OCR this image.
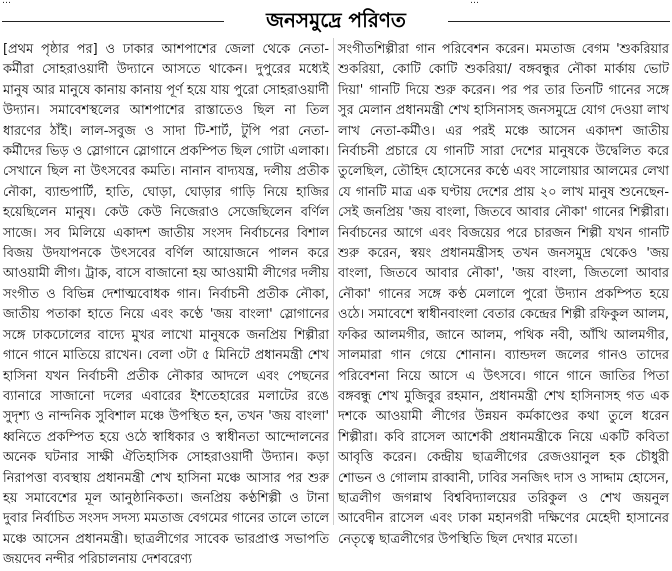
…	…
জনসমুদ্রে পরিণত

[প্রথম পৃষ্ঠার পর] ও ঢাকার আশপাশের জেলা থেকে নেতা-কর্মীরা সোহরাওয়ার্দী উদ্যানে আসতে থাকেন। দুপুরের মধ্যেই মানুষ আর মানুষে কানায় কানায় পূর্ণ হয়ে যায় পুরো সোহরাওয়ার্দী উদ্যান। সমাবেশস্থলের আশপাশের রাস্তাতেও ছিল না তিল ধারণের ঠাঁই। লাল-সবুজ ও সাদা টি-শার্ট, টুপি পরা নেতা-কর্মীদের ভিড় ও স্লোগানে স্লোগানে প্রকম্পিত ছিল গোটা এলাকা। সেখানে ছিল না উৎসবের কমতি। নানান বাদ্যযন্ত্র, দলীয় প্রতীক নৌকা, ব্যান্ডপার্টি, হাতি, ঘোড়া, ঘোড়ার গাড়ি নিয়ে হাজির হয়েছিলেন মানুষ। কেউ কেউ নিজেরাও সেজেছিলেন বর্ণিল সাজে। সব মিলিয়ে একাদশ জাতীয় সংসদ নির্বাচনের বিশাল বিজয় উদযাপনকে উৎসবের বর্ণিল আয়োজনে পালন করে আওয়ামী লীগ। ট্রাক, বাসে বাজানো হয় আওয়ামী লীগের দলীয় সংগীত ও বিভিন্ন দেশাত্মবোধক গান। নির্বাচনী প্রতীক নৌকা, জাতীয় পতাকা হাতে নিয়ে এবং কণ্ঠে 'জয় বাংলা' স্লোগানের সঙ্গে ঢাকঢোলের বাদ্যে মুখর লাখো মানুষকে জনপ্রিয় শিল্পীরা গানে গানে মাতিয়ে রাখেন। বেলা ৩টা ৫ মিনিটে প্রধানমন্ত্রী শেখ হাসিনা যখন নির্বাচনী প্রতীক নৌকার আদলে এবং পেছনের ব্যানারে সাজানো দলের এবারের ইশতেহারের মলাটের রঙে সুদৃশ্য ও নান্দনিক সুবিশাল মঞ্চে উপস্থিত হন, তখন 'জয় বাংলা' ধ্বনিতে প্রকম্পিত হয়ে ওঠে স্বাধিকার ও স্বাধীনতা আন্দোলনের অনেক ঘটনার সাক্ষী ঐতিহাসিক সোহরাওয়ার্দী উদ্যান। কড়া নিরাপত্তা ব্যবস্থায় প্রধানমন্ত্রী শেখ হাসিনা মঞ্চে আসার পর শুরু হয় সমাবেশের মূল আনুষ্ঠানিকতা। জনপ্রিয় কণ্ঠশিল্পী ও টানা দুবার নির্বাচিত সংসদ সদস্য মমতাজ বেগমের গানের তালে তালে মঞ্চে আসেন প্রধানমন্ত্রী। ছাত্রলীগের সাবেক ভারপ্রাপ্ত সভাপতি জয়দেব নন্দীর পরিচালনায় দেশবরেণ্য

সংগীতশিল্পীরা গান পরিবেশন করেন। মমতাজ বেগম 'শুকরিয়ার শুকরিয়া, কোটি কোটি শুকরিয়া/ বঙ্গবন্ধুর নৌকা মার্কায় ভোট দিয়া' গানটি দিয়ে শুরু করেন। পর পর তার তিনটি গানের সঙ্গে সুর মেলান প্রধানমন্ত্রী শেখ হাসিনাসহ জনসমুদ্রে যোগ দেওয়া লাখ লাখ নেতা-কর্মীও। এর পরই মঞ্চে আসেন একাদশ জাতীয় নির্বাচনী প্রচারে যে গানটি সারা দেশের মানুষকে উদ্বেলিত করে তুলেছিল, তৌহিদ হোসেনের কণ্ঠে এবং সালোয়ার আলমের লেখা যে গানটি মাত্র এক ঘণ্টায় দেশের প্রায় ২০ লাখ মানুষ শুনেছেন- সেই জনপ্রিয় 'জয় বাংলা, জিতবে আবার নৌকা' গানের শিল্পীরা। নির্বাচনের আগে এবং বিজয়ের পরে চারজন শিল্পী যখন গানটি শুরু করেন, স্বয়ং প্রধানমন্ত্রীসহ তখন জনসমুদ্র থেকেও 'জয় বাংলা, জিতবে আবার নৌকা', 'জয় বাংলা, জিতলো আবার নৌকা' গানের সঙ্গে কণ্ঠ মেলালে পুরো উদ্যান প্রকম্পিত হয়ে ওঠে। সমাবেশে স্বাধীনবাংলা বেতার কেন্দ্রের শিল্পী রফিকুল আলম, ফকির আলমগীর, জানে আলম, পথিক নবী, আঁখি আলমগীর, সালমারা গান গেয়ে শোনান। ব্যান্ডদল জলের গানও তাদের পরিবেশনা নিয়ে আসে এ উৎসবে। গানে গানে জাতির পিতা বঙ্গবন্ধু শেখ মুজিবুর রহমান, প্রধানমন্ত্রী শেখ হাসিনাসহ গত এক দশকে আওয়ামী লীগের উন্নয়ন কর্মকাণ্ডের কথা তুলে ধরেন শিল্পীরা। কবি রাসেল আশেকী প্রধানমন্ত্রীকে নিয়ে একটি কবিতা আবৃত্তি করেন। কেন্দ্রীয় ছাত্রলীগের রেজওয়ানুল হক চৌধুরী শোভন ও গোলাম রাব্বানী, ঢাবির সনজিৎ দাস ও সাদ্দাম হোসেন, ছাত্রলীগ জগন্নাথ বিশ্ববিদ্যালয়ের তরিকুল ও শেখ জয়নুল আবেদীন রাসেল এবং ঢাকা মহানগরী দক্ষিণের মেহেদী হাসানের নেতৃত্বে ছাত্রলীগের উপস্থিতি ছিল দেখার মতো।
